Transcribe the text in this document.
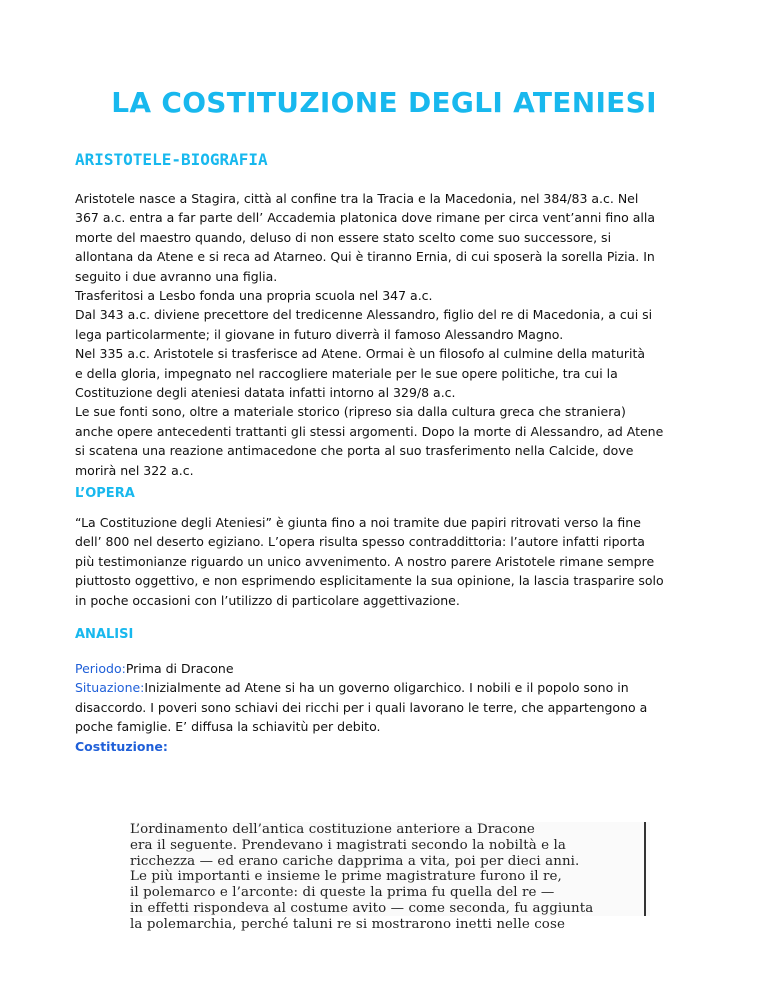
LA COSTITUZIONE DEGLI ATENIESI
ARISTOTELE-BIOGRAFIA
Aristotele nasce a Stagira, città al confine tra la Tracia e la Macedonia, nel 384/83 a.c. Nel
367 a.c. entra a far parte dell’ Accademia platonica dove rimane per circa vent’anni fino alla
morte del maestro quando, deluso di non essere stato scelto come suo successore, si
allontana da Atene e si reca ad Atarneo. Qui è tiranno Ernia, di cui sposerà la sorella Pizia. In
seguito i due avranno una figlia.
Trasferitosi a Lesbo fonda una propria scuola nel 347 a.c.
Dal 343 a.c. diviene precettore del tredicenne Alessandro, figlio del re di Macedonia, a cui si
lega particolarmente; il giovane in futuro diverrà il famoso Alessandro Magno.
Nel 335 a.c. Aristotele si trasferisce ad Atene. Ormai è un filosofo al culmine della maturità
e della gloria, impegnato nel raccogliere materiale per le sue opere politiche, tra cui la
Costituzione degli ateniesi datata infatti intorno al 329/8 a.c.
Le sue fonti sono, oltre a materiale storico (ripreso sia dalla cultura greca che straniera)
anche opere antecedenti trattanti gli stessi argomenti. Dopo la morte di Alessandro, ad Atene
si scatena una reazione antimacedone che porta al suo trasferimento nella Calcide, dove
morirà nel 322 a.c.
L’OPERA
“La Costituzione degli Ateniesi” è giunta fino a noi tramite due papiri ritrovati verso la fine
dell’ 800 nel deserto egiziano. L’opera risulta spesso contraddittoria: l’autore infatti riporta
più testimonianze riguardo un unico avvenimento. A nostro parere Aristotele rimane sempre
piuttosto oggettivo, e non esprimendo esplicitamente la sua opinione, la lascia trasparire solo
in poche occasioni con l’utilizzo di particolare aggettivazione.
ANALISI
Periodo:Prima di Dracone
Situazione:Inizialmente ad Atene si ha un governo oligarchico. I nobili e il popolo sono in
disaccordo. I poveri sono schiavi dei ricchi per i quali lavorano le terre, che appartengono a
poche famiglie. E’ diffusa la schiavitù per debito.
Costituzione:
L’ordinamento dell’antica costituzione anteriore a Dracone
era il seguente. Prendevano i magistrati secondo la nobiltà e la
ricchezza — ed erano cariche dapprima a vita, poi per dieci anni.
Le più importanti e insieme le prime magistrature furono il re,
il polemarco e l’arconte: di queste la prima fu quella del re —
in effetti rispondeva al costume avito — come seconda, fu aggiunta
la polemarchia, perché taluni re si mostrarono inetti nelle cose
